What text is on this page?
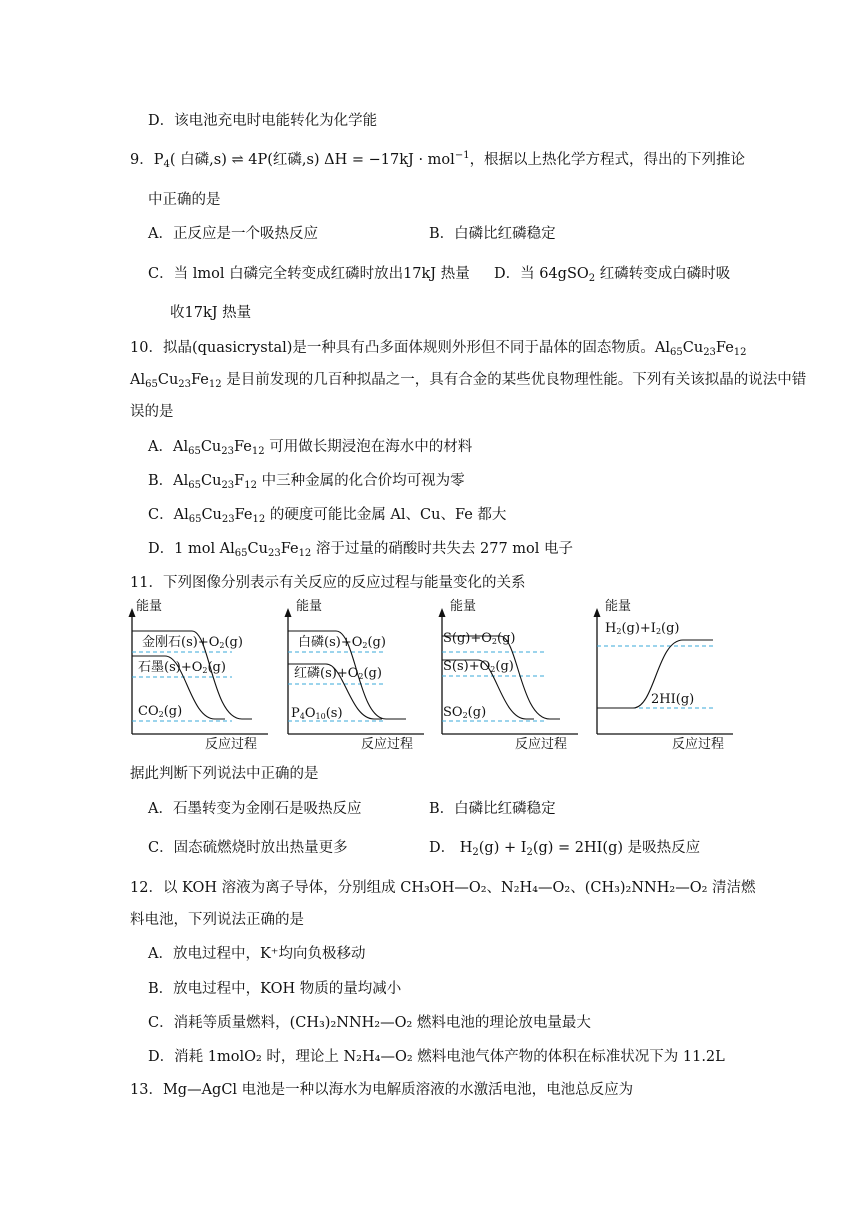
D．该电池充电时电能转化为化学能
9．$P_4$( 白磷,s) ⇌ 4P(红磷,s) ΔH = −17kJ · mol$^{-1}$，根据以上热化学方程式，得出的下列推论
中正确的是
A．正反应是一个吸热反应	B．白磷比红磷稳定
C．当 lmol 白磷完全转变成红磷时放出17kJ 热量 D．当 64gSO$_2$ 红磷转变成白磷时吸
收17kJ 热量
10．拟晶(quasicrystal)是一种具有凸多面体规则外形但不同于晶体的固态物质。$Al_{65}Cu_{23}Fe_{12}$
$Al_{65}Cu_{23}Fe_{12}$ 是目前发现的几百种拟晶之一，具有合金的某些优良物理性能。下列有关该拟晶的说法中错
误的是
A．$Al_{65}Cu_{23}Fe_{12}$ 可用做长期浸泡在海水中的材料
B．$Al_{65}Cu_{23}F_{12}$ 中三种金属的化合价均可视为零
C．$Al_{65}Cu_{23}Fe_{12}$ 的硬度可能比金属 Al、Cu、Fe 都大
D．1 mol $Al_{65}Cu_{23}Fe_{12}$ 溶于过量的硝酸时共失去 277 mol 电子
11．下列图像分别表示有关反应的反应过程与能量变化的关系
能量
金刚石$(s)+O_2(g)$
石墨$(s)+O_2(g)$
$CO_2(g)$
反应过程
能量
白磷$(s)+O_2(g)$
红磷$(s)+O_2(g)$
$P_4O_{10}(s)$
反应过程
能量
$S(g)+O_2(g)$
$S(s)+O_2(g)$
$SO_2(g)$
反应过程
能量
$H_2(g)+I_2(g)$
2HI(g)
反应过程
据此判断下列说法中正确的是
A．石墨转变为金刚石是吸热反应	B．白磷比红磷稳定
C．固态硫燃烧时放出热量更多	D． $H_2(g) + I_2(g) = 2HI(g)$ 是吸热反应
12．以 KOH 溶液为离子导体，分别组成 CH₃OH—O₂、N₂H₄—O₂、(CH₃)₂NNH₂—O₂ 清洁燃
料电池，下列说法正确的是
A．放电过程中，K⁺均向负极移动
B．放电过程中，KOH 物质的量均减小
C．消耗等质量燃料，(CH₃)₂NNH₂—O₂ 燃料电池的理论放电量最大
D．消耗 1molO₂ 时，理论上 N₂H₄—O₂ 燃料电池气体产物的体积在标准状况下为 11.2L
13．Mg—AgCl 电池是一种以海水为电解质溶液的水激活电池，电池总反应为
